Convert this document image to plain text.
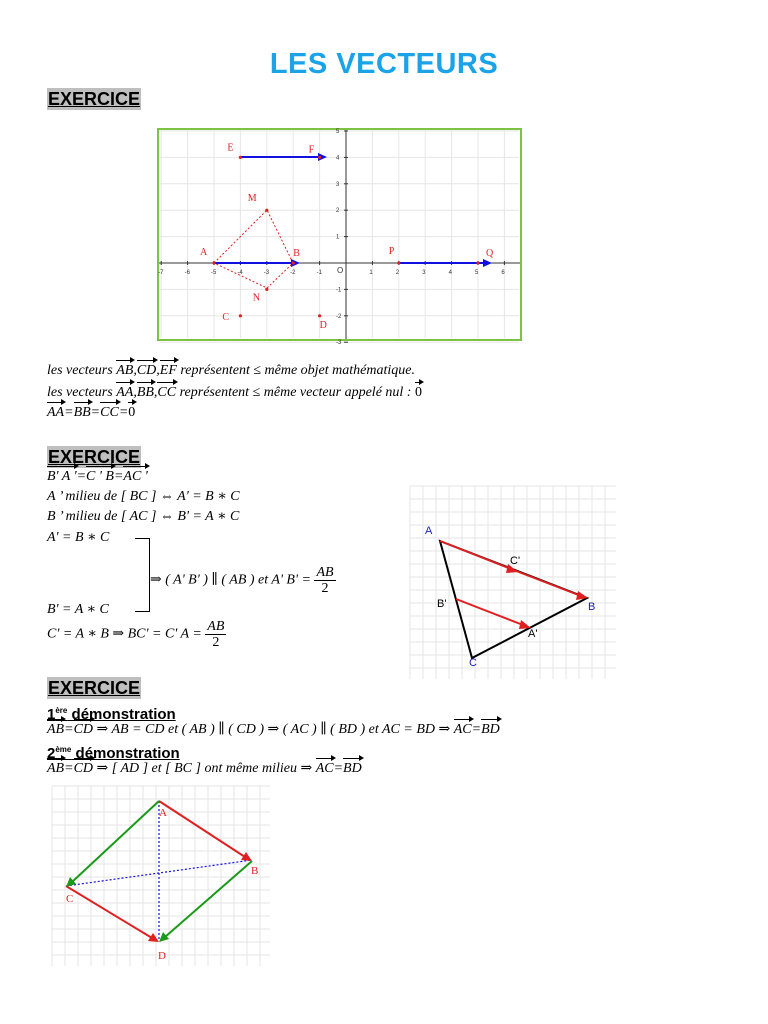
LES VECTEURS
EXERCICE
-7	-6	-5	-4	-3	-2	-1	1	2	3	4	5	6
5
4
3
2
1
-1
-2
-3
O
E	F
M
A	B
N
C
D
P	Q
les vecteurs AB,CD,EF représentent ≤ même objet mathématique.
les vecteurs AA,BB,CC représentent ≤ même vecteur appelé nul : 0
AA=BB=CC=0
EXERCICE
B' A '=C ' B=AC '
A ’ milieu de [ BC ] ⇔ A' = B ∗ C
B ’ milieu de [ AC ] ⇔ B' = A ∗ C
A' = B ∗ C
⇒ ( A' B' ) ∥ ( AB ) et A' $B' = \frac{AB}{2}$
B' = A ∗ C
C' = A ∗ B ⇒ BC' = C' $A = \frac{AB}{2}$
A
B
C
C'
B'
A'
EXERCICE
1ère démonstration
AB=CD ⇒ AB = CD et ( AB ) ∥ ( CD ) ⇒ ( AC ) ∥ ( BD ) et AC = BD ⇒ AC=BD
2ème démonstration
AB=CD ⇒ [ AD ] et [ BC ] ont même milieu ⇒ AC=BD
A
B
C
D
